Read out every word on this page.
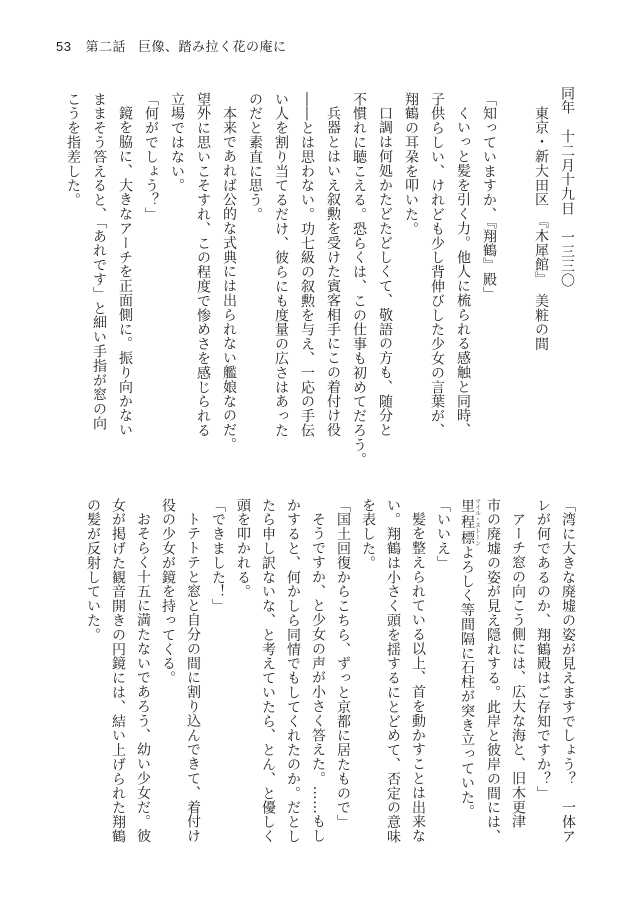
53 第二話 巨像、踏み拉く花の庵に
同年　十二月十九日　一三三〇
東京・新大田区　『木犀館』　美粧の間
「知っていますか、『翔鶴』殿」
くいっと髪を引く力。他人に梳られる感触と同時、
子供らしい、けれども少し背伸びした少女の言葉が、
翔鶴の耳朶を叩いた。
口調は何処かたどたどしくて、敬語の方も、随分と
不慣れに聴こえる。恐らくは、この仕事も初めてだろう。
兵器とはいえ叙勲を受けた賓客相手にこの着付け役
――とは思わない。功七級の叙勲を与え、一応の手伝
い人を割り当てるだけ、彼らにも度量の広さはあった
のだと素直に思う。
本来であれば公的な式典には出られない艦娘なのだ。
望外に思いこそすれ、この程度で惨めさを感じられる
立場ではない。
「何がでしょう？」
鏡を脇に、大きなアーチを正面側に。振り向かない
ままそう答えると、「あれです」と細い手指が窓の向
こうを指差した。
「湾に大きな廃墟の姿が見えますでしょう？　一体ア
レが何であるのか、翔鶴殿はご存知ですか？」
アーチ窓の向こう側には、広大な海と、旧木更津
市の廃墟の姿が見え隠れする。此岸と彼岸の間には、
里程標マイル・ストーンよろしく等間隔に石柱が突き立っていた。
「いいえ」
髪を整えられている以上、首を動かすことは出来な
い。翔鶴は小さく頭を揺するにとどめて、否定の意味
を表した。
「国土回復からこちら、ずっと京都に居たもので」
そうですか、と少女の声が小さく答えた。……もし
かすると、何かしら同情でもしてくれたのか。だとし
たら申し訳ないな、と考えていたら、とん、と優しく
頭を叩かれる。
「できました！」
トテトテと窓と自分の間に割り込んできて、着付け
役の少女が鏡を持ってくる。
おそらく十五に満たないであろう、幼い少女だ。彼
女が掲げた観音開きの円鏡には、結い上げられた翔鶴
の髪が反射していた。
